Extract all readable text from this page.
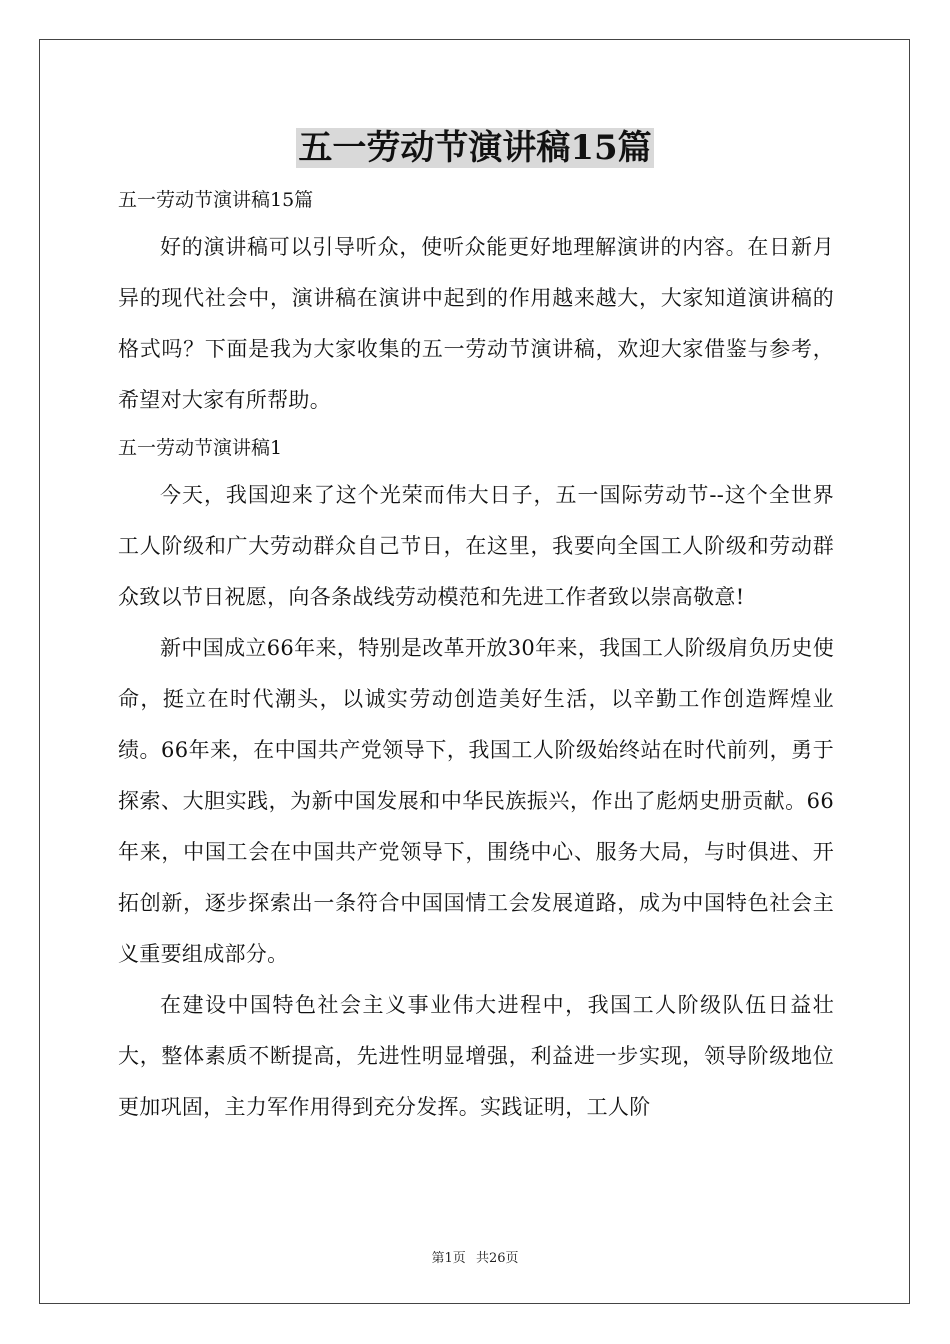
五一劳动节演讲稿15篇

五一劳动节演讲稿15篇

好的演讲稿可以引导听众，使听众能更好地理解演讲的内容。在日新月异的现代社会中，演讲稿在演讲中起到的作用越来越大，大家知道演讲稿的格式吗？下面是我为大家收集的五一劳动节演讲稿，欢迎大家借鉴与参考，希望对大家有所帮助。

五一劳动节演讲稿1

今天，我国迎来了这个光荣而伟大日子，五一国际劳动节--这个全世界工人阶级和广大劳动群众自己节日，在这里，我要向全国工人阶级和劳动群众致以节日祝愿，向各条战线劳动模范和先进工作者致以崇高敬意!

新中国成立66年来，特别是改革开放30年来，我国工人阶级肩负历史使命，挺立在时代潮头，以诚实劳动创造美好生活，以辛勤工作创造辉煌业绩。66年来，在中国共产党领导下，我国工人阶级始终站在时代前列，勇于探索、大胆实践，为新中国发展和中华民族振兴，作出了彪炳史册贡献。66年来，中国工会在中国共产党领导下，围绕中心、服务大局，与时俱进、开拓创新，逐步探索出一条符合中国国情工会发展道路，成为中国特色社会主义重要组成部分。

在建设中国特色社会主义事业伟大进程中，我国工人阶级队伍日益壮大，整体素质不断提高，先进性明显增强，利益进一步实现，领导阶级地位更加巩固，主力军作用得到充分发挥。实践证明，工人阶

第1页 共26页
